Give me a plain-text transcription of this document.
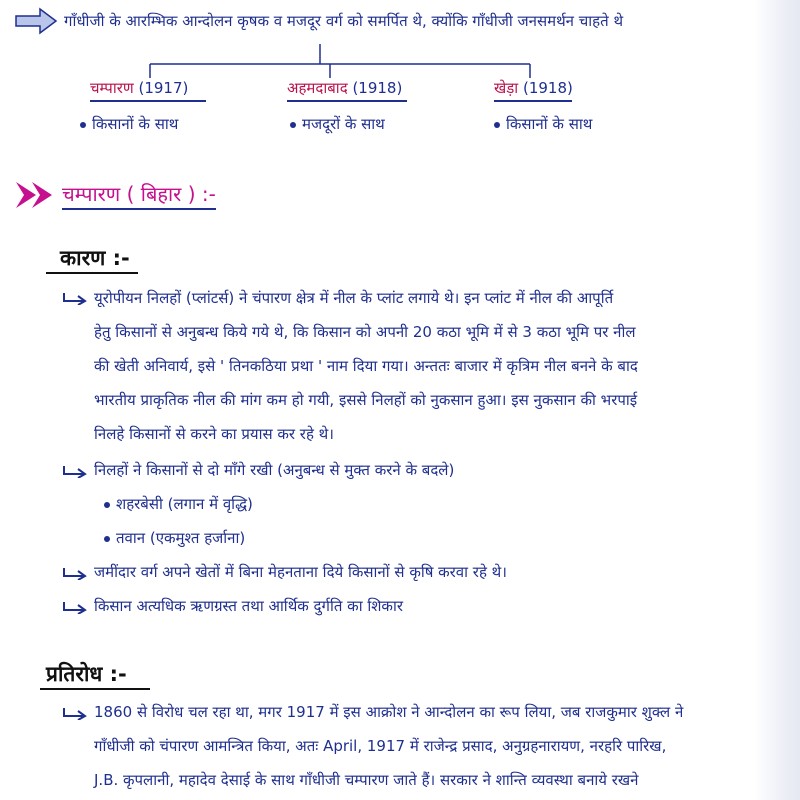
गाँधीजी के आरम्भिक आन्दोलन कृषक व मजदूर वर्ग को समर्पित थे, क्योंकि गाँधीजी जनसमर्थन चाहते थे
चम्पारण (1917)
किसानों के साथ
अहमदाबाद (1918)
मजदूरों के साथ
खेड़ा (1918)
किसानों के साथ
चम्पारण ( बिहार ) :-
कारण :-
यूरोपीयन निलहों (प्लांटर्स) ने चंपारण क्षेत्र में नील के प्लांट लगाये थे। इन प्लांट में नील की आपूर्ति
हेतु किसानों से अनुबन्ध किये गये थे, कि किसान को अपनी 20 कठा भूमि में से 3 कठा भूमि पर नील
की खेती अनिवार्य, इसे ' तिनकठिया प्रथा ' नाम दिया गया। अन्ततः बाजार में कृत्रिम नील बनने के बाद
भारतीय प्राकृतिक नील की मांग कम हो गयी, इससे निलहों को नुकसान हुआ। इस नुकसान की भरपाई
निलहे किसानों से करने का प्रयास कर रहे थे।
निलहों ने किसानों से दो माँगे रखी (अनुबन्ध से मुक्त करने के बदले)
शहरबेसी (लगान में वृद्धि)
तवान (एकमुश्त हर्जाना)
जमींदार वर्ग अपने खेतों में बिना मेहनताना दिये किसानों से कृषि करवा रहे थे।
किसान अत्यधिक ऋणग्रस्त तथा आर्थिक दुर्गति का शिकार
प्रतिरोध :-
1860 से विरोध चल रहा था, मगर 1917 में इस आक्रोश ने आन्दोलन का रूप लिया, जब राजकुमार शुक्ल ने
गाँधीजी को चंपारण आमन्त्रित किया, अतः April, 1917 में राजेन्द्र प्रसाद, अनुग्रहनारायण, नरहरि पारिख,
J.B. कृपलानी, महादेव देसाई के साथ गाँधीजी चम्पारण जाते हैं। सरकार ने शान्ति व्यवस्था बनाये रखने
